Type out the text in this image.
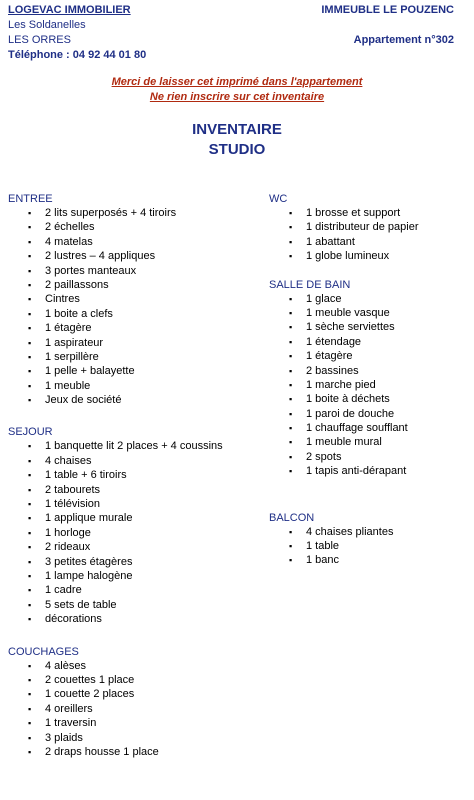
LOGEVAC IMMOBILIER
Les Soldanelles
LES ORRES
Téléphone : 04 92 44 01 80
IMMEUBLE LE POUZENC
Appartement n°302
Merci de laisser cet imprimé dans l'appartement
Ne rien inscrire sur cet inventaire
INVENTAIRE
STUDIO
ENTREE
▪ 2 lits superposés + 4 tiroirs
▪ 2 échelles
▪ 4 matelas
▪ 2 lustres – 4 appliques
▪ 3 portes manteaux
▪ 2 paillassons
▪ Cintres
▪ 1 boite a clefs
▪ 1 étagère
▪ 1 aspirateur
▪ 1 serpillère
▪ 1 pelle + balayette
▪ 1 meuble
▪ Jeux de société
SEJOUR
▪ 1 banquette lit 2 places + 4 coussins
▪ 4 chaises
▪ 1 table + 6 tiroirs
▪ 2 tabourets
▪ 1 télévision
▪ 1 applique murale
▪ 1 horloge
▪ 2 rideaux
▪ 3 petites étagères
▪ 1 lampe halogène
▪ 1 cadre
▪ 5 sets de table
▪ décorations
COUCHAGES
▪ 4 alèses
▪ 2 couettes 1 place
▪ 1 couette 2 places
▪ 4 oreillers
▪ 1 traversin
▪ 3 plaids
▪ 2 draps housse 1 place
WC
▪ 1 brosse et support
▪ 1 distributeur de papier
▪ 1 abattant
▪ 1 globe lumineux
SALLE DE BAIN
▪ 1 glace
▪ 1 meuble vasque
▪ 1 sèche serviettes
▪ 1 étendage
▪ 1 étagère
▪ 2 bassines
▪ 1 marche pied
▪ 1 boite à déchets
▪ 1 paroi de douche
▪ 1 chauffage soufflant
▪ 1 meuble mural
▪ 2 spots
▪ 1 tapis anti-dérapant
BALCON
▪ 4 chaises pliantes
▪ 1 table
▪ 1 banc
